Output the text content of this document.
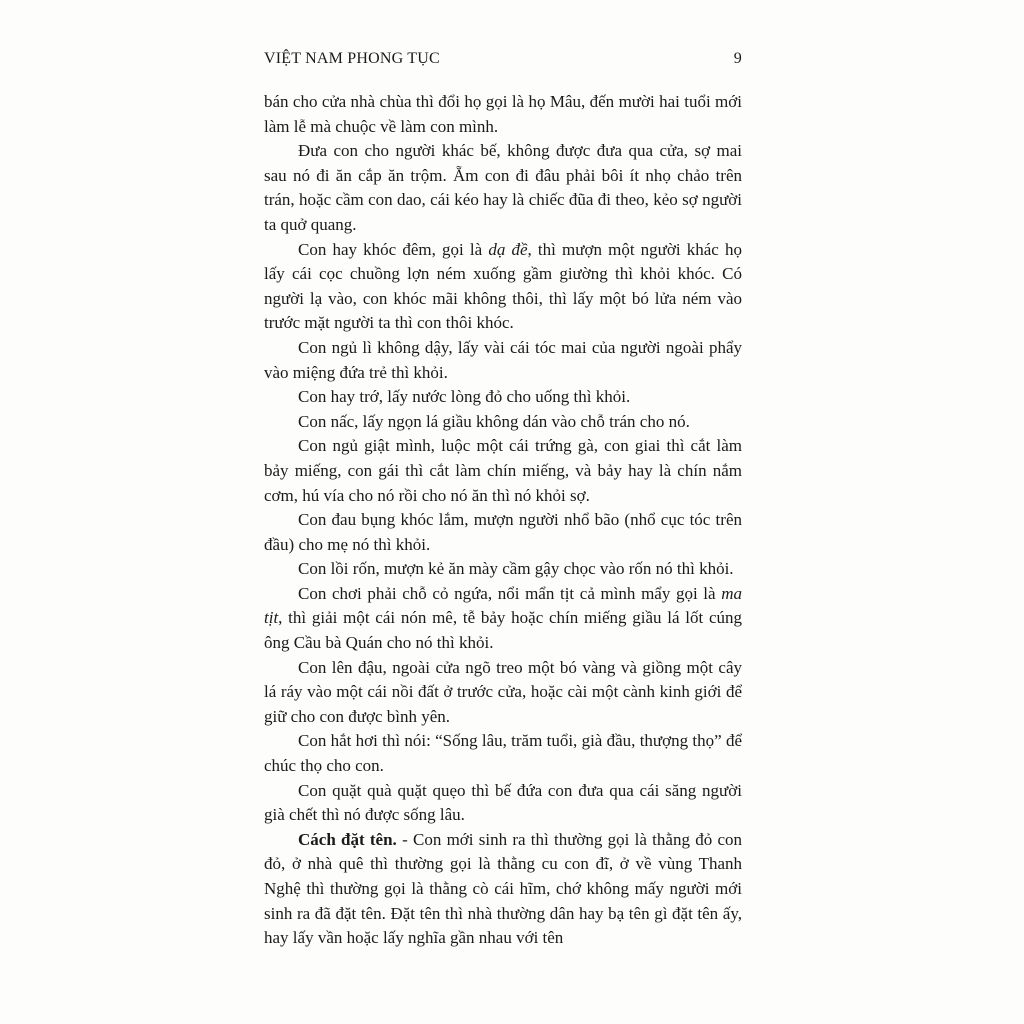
VIỆT NAM PHONG TỤC	9

bán cho cửa nhà chùa thì đổi họ gọi là họ Mâu, đến mười hai tuổi mới làm lễ mà chuộc về làm con mình.

Đưa con cho người khác bế, không được đưa qua cửa, sợ mai sau nó đi ăn cắp ăn trộm. Ẵm con đi đâu phải bôi ít nhọ chảo trên trán, hoặc cầm con dao, cái kéo hay là chiếc đũa đi theo, kẻo sợ người ta quở quang.

Con hay khóc đêm, gọi là dạ đề, thì mượn một người khác họ lấy cái cọc chuồng lợn ném xuống gầm giường thì khỏi khóc. Có người lạ vào, con khóc mãi không thôi, thì lấy một bó lửa ném vào trước mặt người ta thì con thôi khóc.

Con ngủ lì không dậy, lấy vài cái tóc mai của người ngoài phẩy vào miệng đứa trẻ thì khỏi.

Con hay trớ, lấy nước lòng đỏ cho uống thì khỏi.

Con nấc, lấy ngọn lá giầu không dán vào chỗ trán cho nó.

Con ngủ giật mình, luộc một cái trứng gà, con giai thì cắt làm bảy miếng, con gái thì cắt làm chín miếng, và bảy hay là chín nắm cơm, hú vía cho nó rồi cho nó ăn thì nó khỏi sợ.

Con đau bụng khóc lắm, mượn người nhổ bão (nhổ cục tóc trên đầu) cho mẹ nó thì khỏi.

Con lồi rốn, mượn kẻ ăn mày cầm gậy chọc vào rốn nó thì khỏi.

Con chơi phải chỗ cỏ ngứa, nổi mẩn tịt cả mình mẩy gọi là ma tịt, thì giải một cái nón mê, tễ bảy hoặc chín miếng giầu lá lốt cúng ông Cầu bà Quán cho nó thì khỏi.

Con lên đậu, ngoài cửa ngõ treo một bó vàng và giồng một cây lá ráy vào một cái nồi đất ở trước cửa, hoặc cài một cành kinh giới để giữ cho con được bình yên.

Con hắt hơi thì nói: “Sống lâu, trăm tuổi, già đầu, thượng thọ” để chúc thọ cho con.

Con quặt quà quặt quẹo thì bế đứa con đưa qua cái săng người già chết thì nó được sống lâu.

Cách đặt tên. - Con mới sinh ra thì thường gọi là thằng đỏ con đỏ, ở nhà quê thì thường gọi là thằng cu con đĩ, ở về vùng Thanh Nghệ thì thường gọi là thằng cò cái hĩm, chớ không mấy người mới sinh ra đã đặt tên. Đặt tên thì nhà thường dân hay bạ tên gì đặt tên ấy, hay lấy vần hoặc lấy nghĩa gần nhau với tên
